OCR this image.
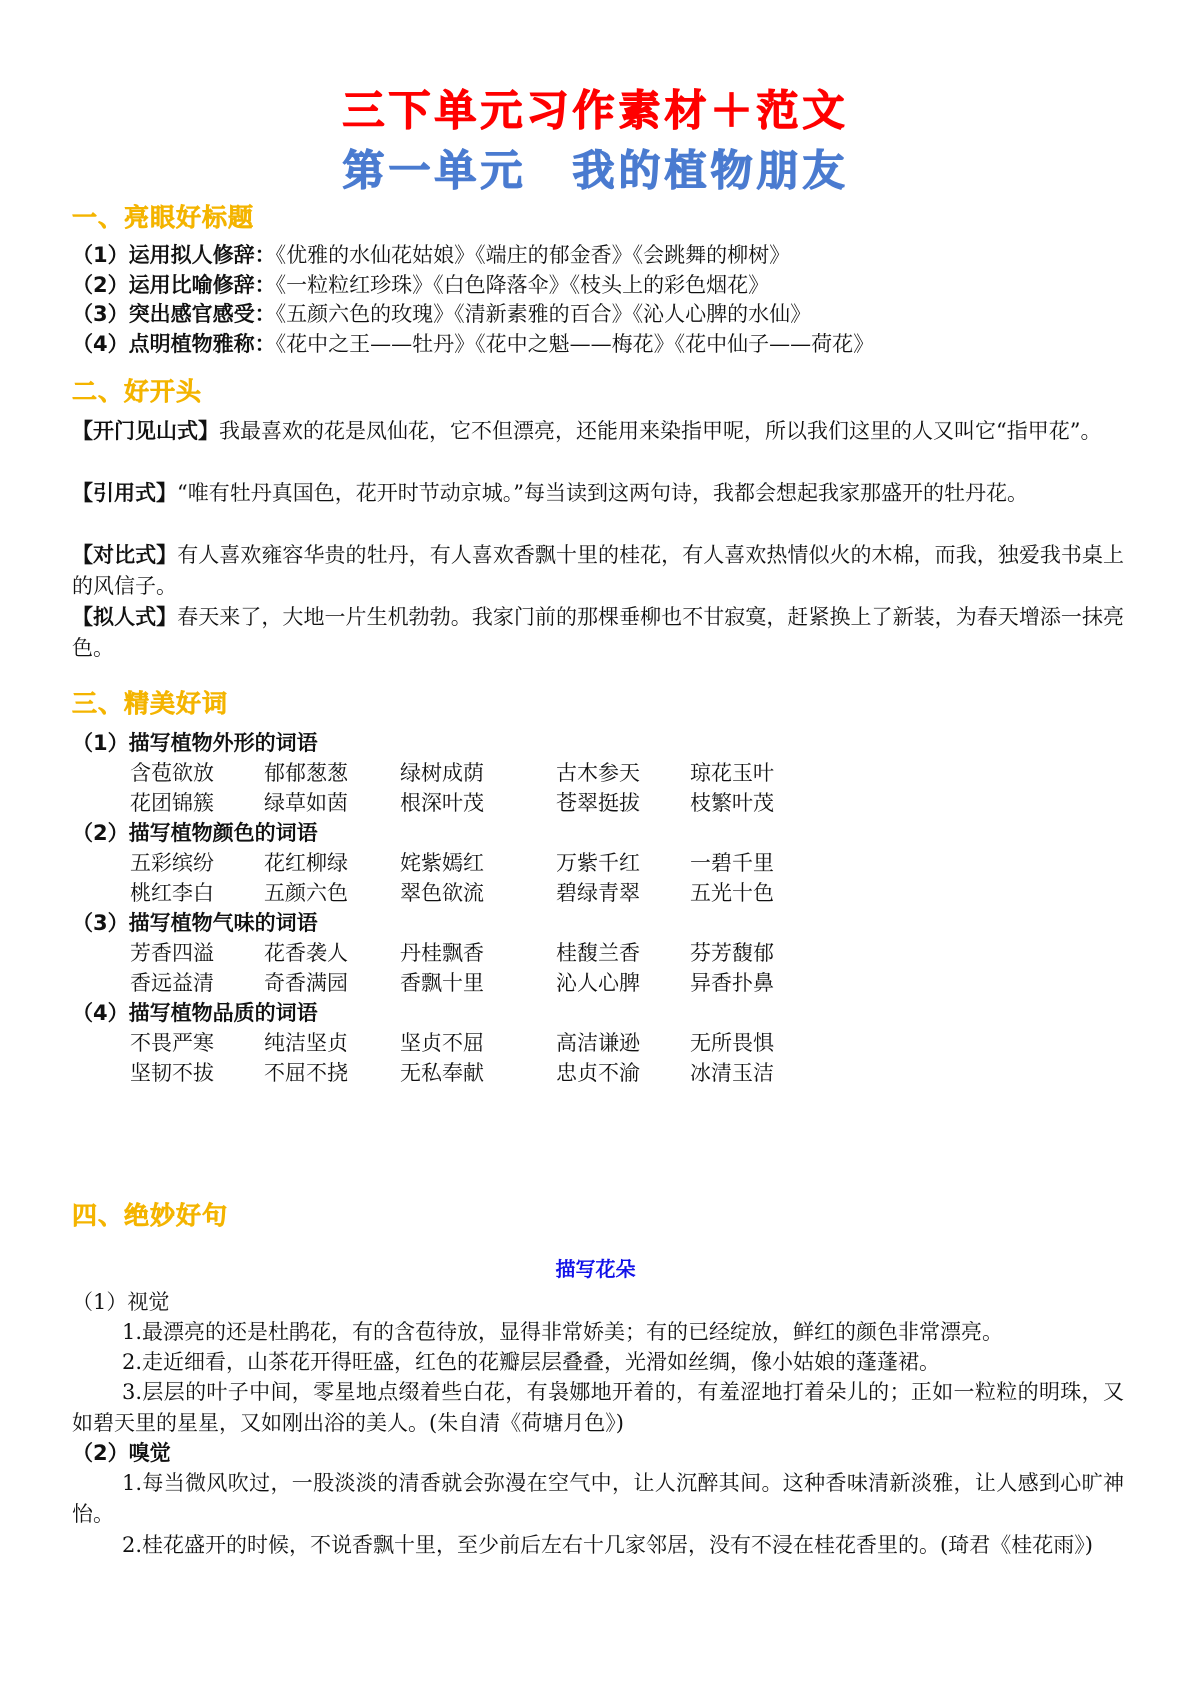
三下单元习作素材＋范文
第一单元　我的植物朋友
一、亮眼好标题
（1）运用拟人修辞：《优雅的水仙花姑娘》《端庄的郁金香》《会跳舞的柳树》
（2）运用比喻修辞：《一粒粒红珍珠》《白色降落伞》《枝头上的彩色烟花》
（3）突出感官感受：《五颜六色的玫瑰》《清新素雅的百合》《沁人心脾的水仙》
（4）点明植物雅称：《花中之王——牡丹》《花中之魁——梅花》《花中仙子——荷花》
二、好开头
【开门见山式】我最喜欢的花是凤仙花，它不但漂亮，还能用来染指甲呢，所以我们这里的人又叫它“指甲花”。
【引用式】“唯有牡丹真国色，花开时节动京城。”每当读到这两句诗，我都会想起我家那盛开的牡丹花。
【对比式】有人喜欢雍容华贵的牡丹，有人喜欢香飘十里的桂花，有人喜欢热情似火的木棉，而我，独爱我书桌上的风信子。
【拟人式】春天来了，大地一片生机勃勃。我家门前的那棵垂柳也不甘寂寞，赶紧换上了新装，为春天增添一抹亮色。
三、精美好词
（1）描写植物外形的词语
含苞欲放 郁郁葱葱 绿树成荫	古木参天 琼花玉叶
花团锦簇 绿草如茵 根深叶茂	苍翠挺拔 枝繁叶茂
（2）描写植物颜色的词语
五彩缤纷 花红柳绿 姹紫嫣红	万紫千红 一碧千里
桃红李白 五颜六色 翠色欲流	碧绿青翠 五光十色
（3）描写植物气味的词语
芳香四溢 花香袭人 丹桂飘香	桂馥兰香 芬芳馥郁
香远益清 奇香满园 香飘十里	沁人心脾 异香扑鼻
（4）描写植物品质的词语
不畏严寒 纯洁坚贞 坚贞不屈	高洁谦逊 无所畏惧
坚韧不拔 不屈不挠 无私奉献	忠贞不渝 冰清玉洁
四、绝妙好句
描写花朵
（1）视觉
1.最漂亮的还是杜鹃花，有的含苞待放，显得非常娇美；有的已经绽放，鲜红的颜色非常漂亮。
2.走近细看，山茶花开得旺盛，红色的花瓣层层叠叠，光滑如丝绸，像小姑娘的蓬蓬裙。
3.层层的叶子中间，零星地点缀着些白花，有袅娜地开着的，有羞涩地打着朵儿的；正如一粒粒的明珠，又如碧天里的星星，又如刚出浴的美人。(朱自清《荷塘月色》)
（2）嗅觉
1.每当微风吹过，一股淡淡的清香就会弥漫在空气中，让人沉醉其间。这种香味清新淡雅，让人感到心旷神怡。
2.桂花盛开的时候，不说香飘十里，至少前后左右十几家邻居，没有不浸在桂花香里的。(琦君《桂花雨》)
